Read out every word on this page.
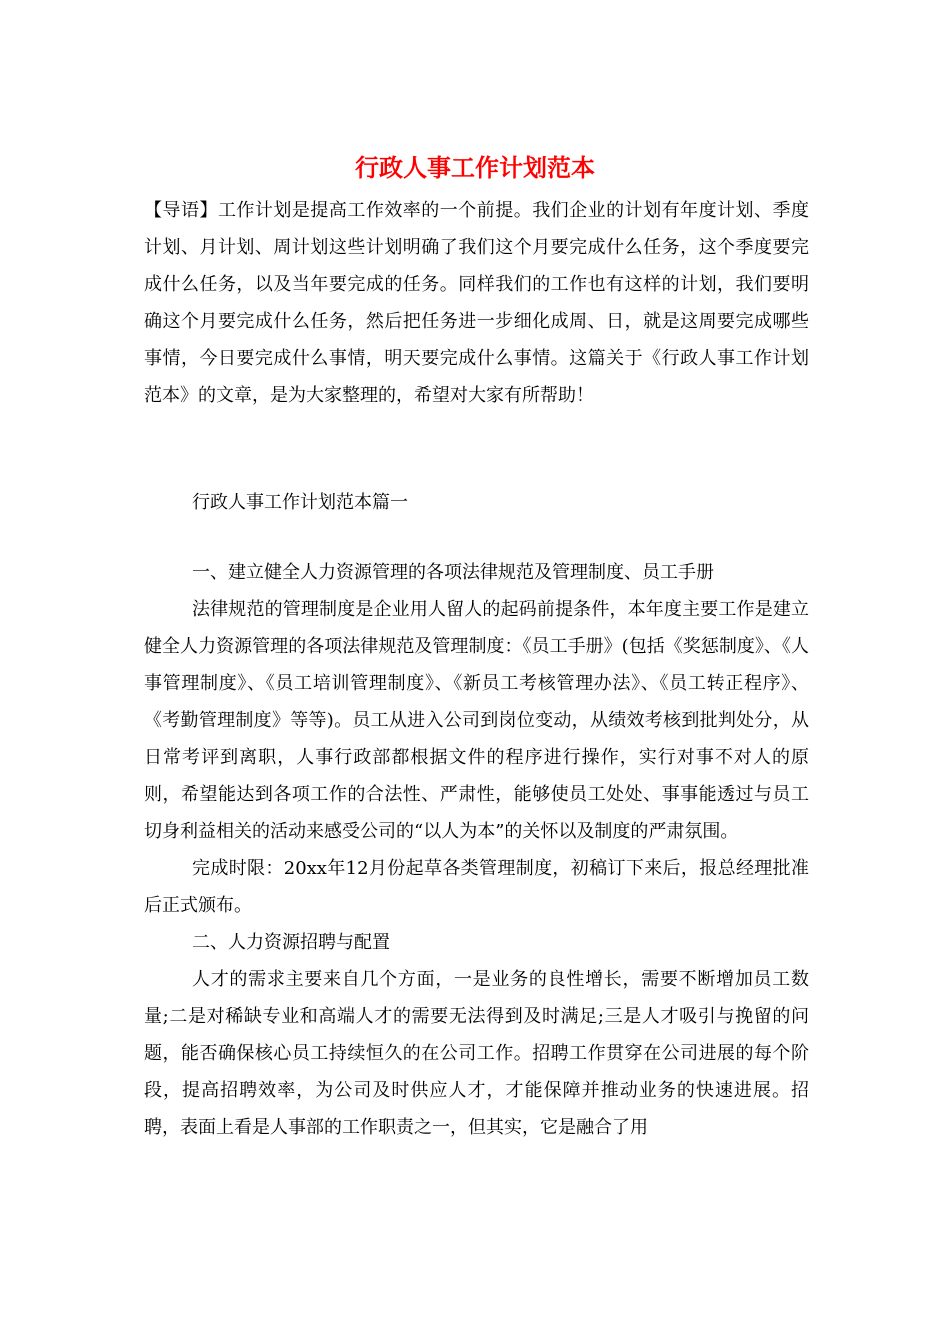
行政人事工作计划范本

【导语】工作计划是提高工作效率的一个前提。我们企业的计划有年度计划、季度计划、月计划、周计划这些计划明确了我们这个月要完成什么任务，这个季度要完成什么任务，以及当年要完成的任务。同样我们的工作也有这样的计划，我们要明确这个月要完成什么任务，然后把任务进一步细化成周、日，就是这周要完成哪些事情，今日要完成什么事情，明天要完成什么事情。这篇关于《行政人事工作计划范本》的文章，是为大家整理的，希望对大家有所帮助！

行政人事工作计划范本篇一

一、建立健全人力资源管理的各项法律规范及管理制度、员工手册

法律规范的管理制度是企业用人留人的起码前提条件，本年度主要工作是建立健全人力资源管理的各项法律规范及管理制度：《员工手册》(包括《奖惩制度》、《人事管理制度》、《员工培训管理制度》、《新员工考核管理办法》、《员工转正程序》、《考勤管理制度》等等)。员工从进入公司到岗位变动，从绩效考核到批判处分，从日常考评到离职，人事行政部都根据文件的程序进行操作，实行对事不对人的原则，希望能达到各项工作的合法性、严肃性，能够使员工处处、事事能透过与员工切身利益相关的活动来感受公司的“以人为本”的关怀以及制度的严肃氛围。

完成时限：20xx年12月份起草各类管理制度，初稿订下来后，报总经理批准后正式颁布。

二、人力资源招聘与配置

人才的需求主要来自几个方面，一是业务的良性增长，需要不断增加员工数量;二是对稀缺专业和高端人才的需要无法得到及时满足;三是人才吸引与挽留的问题，能否确保核心员工持续恒久的在公司工作。招聘工作贯穿在公司进展的每个阶段，提高招聘效率，为公司及时供应人才，才能保障并推动业务的快速进展。招聘，表面上看是人事部的工作职责之一，但其实，它是融合了用
